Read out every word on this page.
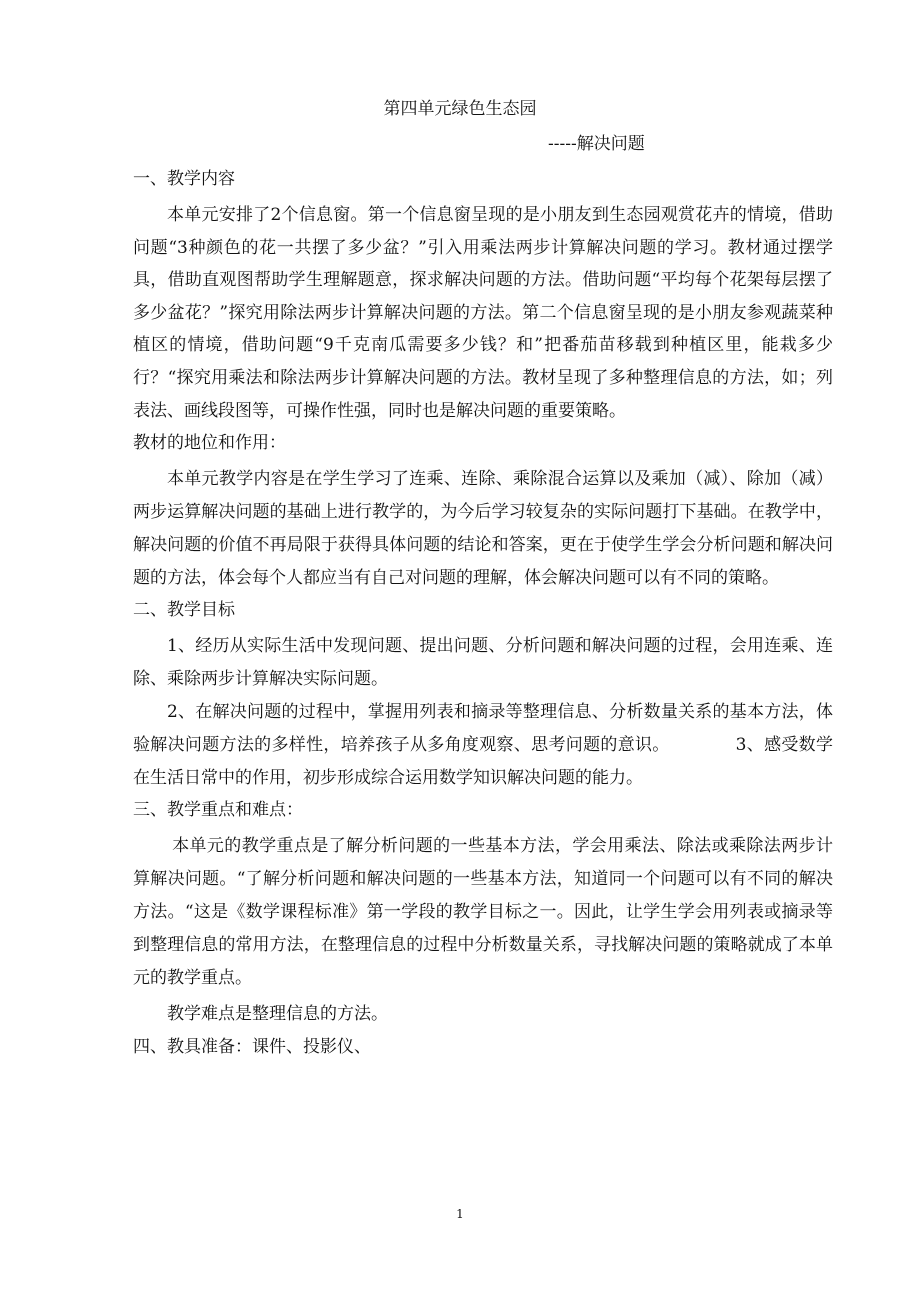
第四单元绿色生态园
-----解决问题

一、教学内容

本单元安排了2个信息窗。第一个信息窗呈现的是小朋友到生态园观赏花卉的情境，借助问题“3种颜色的花一共摆了多少盆？”引入用乘法两步计算解决问题的学习。教材通过摆学具，借助直观图帮助学生理解题意，探求解决问题的方法。借助问题“平均每个花架每层摆了多少盆花？”探究用除法两步计算解决问题的方法。第二个信息窗呈现的是小朋友参观蔬菜种植区的情境，借助问题“9千克南瓜需要多少钱？和”把番茄苗移载到种植区里，能栽多少行？“探究用乘法和除法两步计算解决问题的方法。教材呈现了多种整理信息的方法，如；列表法、画线段图等，可操作性强，同时也是解决问题的重要策略。

教材的地位和作用：

本单元教学内容是在学生学习了连乘、连除、乘除混合运算以及乘加（减）、除加（减）两步运算解决问题的基础上进行教学的，为今后学习较复杂的实际问题打下基础。在教学中，解决问题的价值不再局限于获得具体问题的结论和答案，更在于使学生学会分析问题和解决问题的方法，体会每个人都应当有自己对问题的理解，体会解决问题可以有不同的策略。

二、教学目标

1、经历从实际生活中发现问题、提出问题、分析问题和解决问题的过程，会用连乘、连除、乘除两步计算解决实际问题。

2、在解决问题的过程中，掌握用列表和摘录等整理信息、分析数量关系的基本方法，体验解决问题方法的多样性，培养孩子从多角度观察、思考问题的意识。	3、感受数学在生活日常中的作用，初步形成综合运用数学知识解决问题的能力。

三、教学重点和难点：

本单元的教学重点是了解分析问题的一些基本方法，学会用乘法、除法或乘除法两步计算解决问题。“了解分析问题和解决问题的一些基本方法，知道同一个问题可以有不同的解决方法。“这是《数学课程标准》第一学段的教学目标之一。因此，让学生学会用列表或摘录等到整理信息的常用方法，在整理信息的过程中分析数量关系，寻找解决问题的策略就成了本单元的教学重点。

教学难点是整理信息的方法。

四、教具准备：课件、投影仪、

1
